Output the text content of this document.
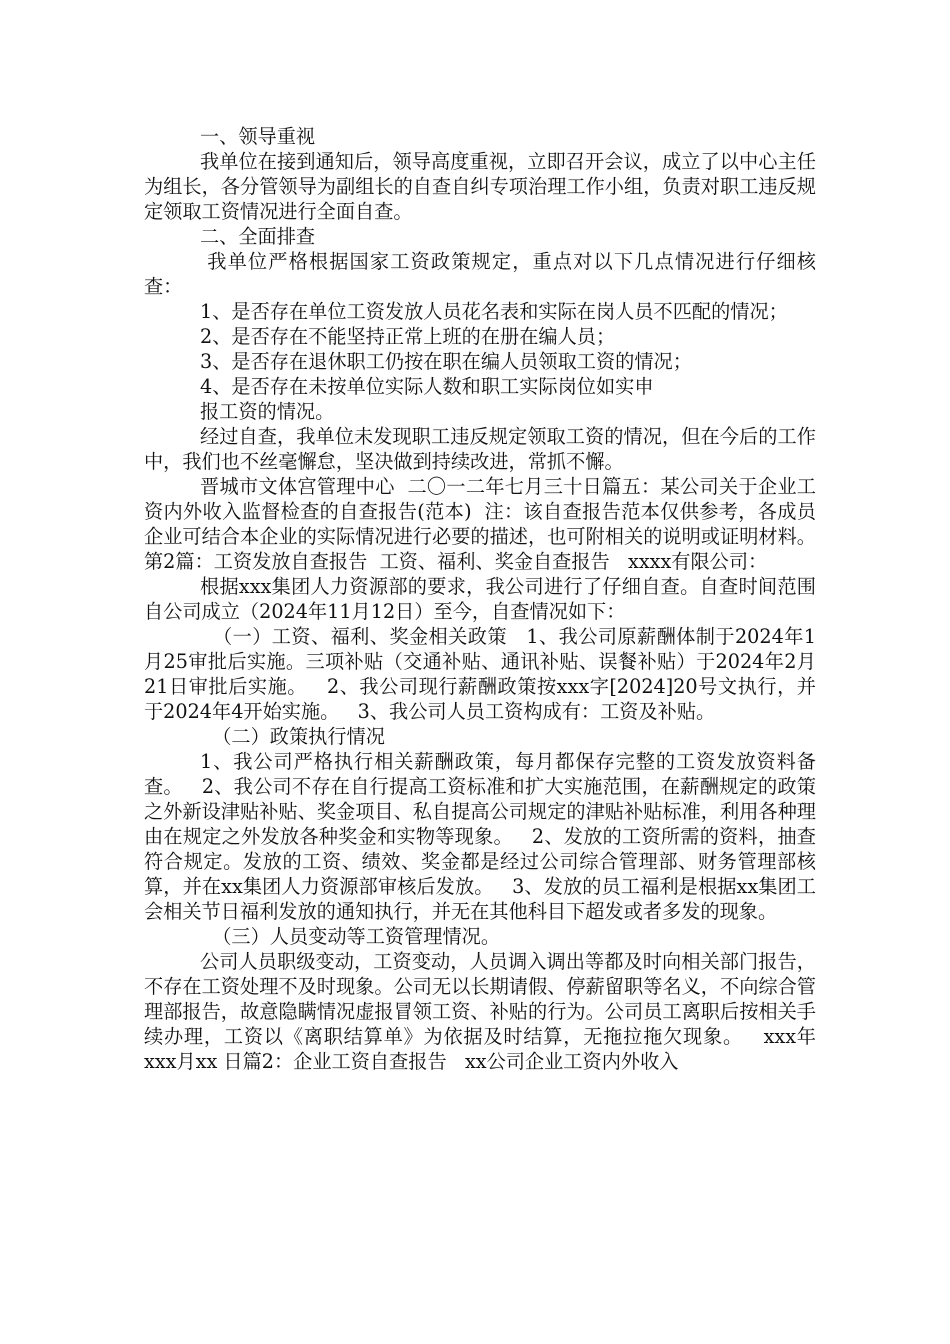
一、领导重视

我单位在接到通知后，领导高度重视，立即召开会议，成立了以中心主任为组长，各分管领导为副组长的自查自纠专项治理工作小组，负责对职工违反规定领取工资情况进行全面自查。

二、全面排查

我单位严格根据国家工资政策规定，重点对以下几点情况进行仔细核查：

1、是否存在单位工资发放人员花名表和实际在岗人员不匹配的情况；

2、是否存在不能坚持正常上班的在册在编人员；

3、是否存在退休职工仍按在职在编人员领取工资的情况；

4、是否存在未按单位实际人数和职工实际岗位如实申

报工资的情况。

经过自查，我单位未发现职工违反规定领取工资的情况，但在今后的工作中，我们也不丝毫懈怠，坚决做到持续改进，常抓不懈。

晋城市文体宫管理中心  二〇一二年七月三十日篇五：某公司关于企业工资内外收入监督检查的自查报告(范本)  注：该自查报告范本仅供参考，各成员企业可结合本企业的实际情况进行必要的描述，也可附相关的说明或证明材料。第2篇：工资发放自查报告  工资、福利、奖金自查报告   xxxx有限公司：

根据xxx集团人力资源部的要求，我公司进行了仔细自查。自查时间范围自公司成立（2024年11月12日）至今，自查情况如下：

（一）工资、福利、奖金相关政策   1、我公司原薪酬体制于2024年1月25审批后实施。三项补贴（交通补贴、通讯补贴、误餐补贴）于2024年2月21日审批后实施。   2、我公司现行薪酬政策按xxx字[2024]20号文执行，并于2024年4开始实施。   3、我公司人员工资构成有：工资及补贴。

（二）政策执行情况

1、我公司严格执行相关薪酬政策，每月都保存完整的工资发放资料备查。   2、我公司不存在自行提高工资标准和扩大实施范围，在薪酬规定的政策之外新设津贴补贴、奖金项目、私自提高公司规定的津贴补贴标准，利用各种理由在规定之外发放各种奖金和实物等现象。   2、发放的工资所需的资料，抽查符合规定。发放的工资、绩效、奖金都是经过公司综合管理部、财务管理部核算，并在xx集团人力资源部审核后发放。   3、发放的员工福利是根据xx集团工会相关节日福利发放的通知执行，并无在其他科目下超发或者多发的现象。

（三）人员变动等工资管理情况。

公司人员职级变动，工资变动，人员调入调出等都及时向相关部门报告，不存在工资处理不及时现象。公司无以长期请假、停薪留职等名义，不向综合管理部报告，故意隐瞒情况虚报冒领工资、补贴的行为。公司员工离职后按相关手续办理，工资以《离职结算单》为依据及时结算，无拖拉拖欠现象。   xxx年xxx月xx 日篇2：企业工资自查报告   xx公司企业工资内外收入
